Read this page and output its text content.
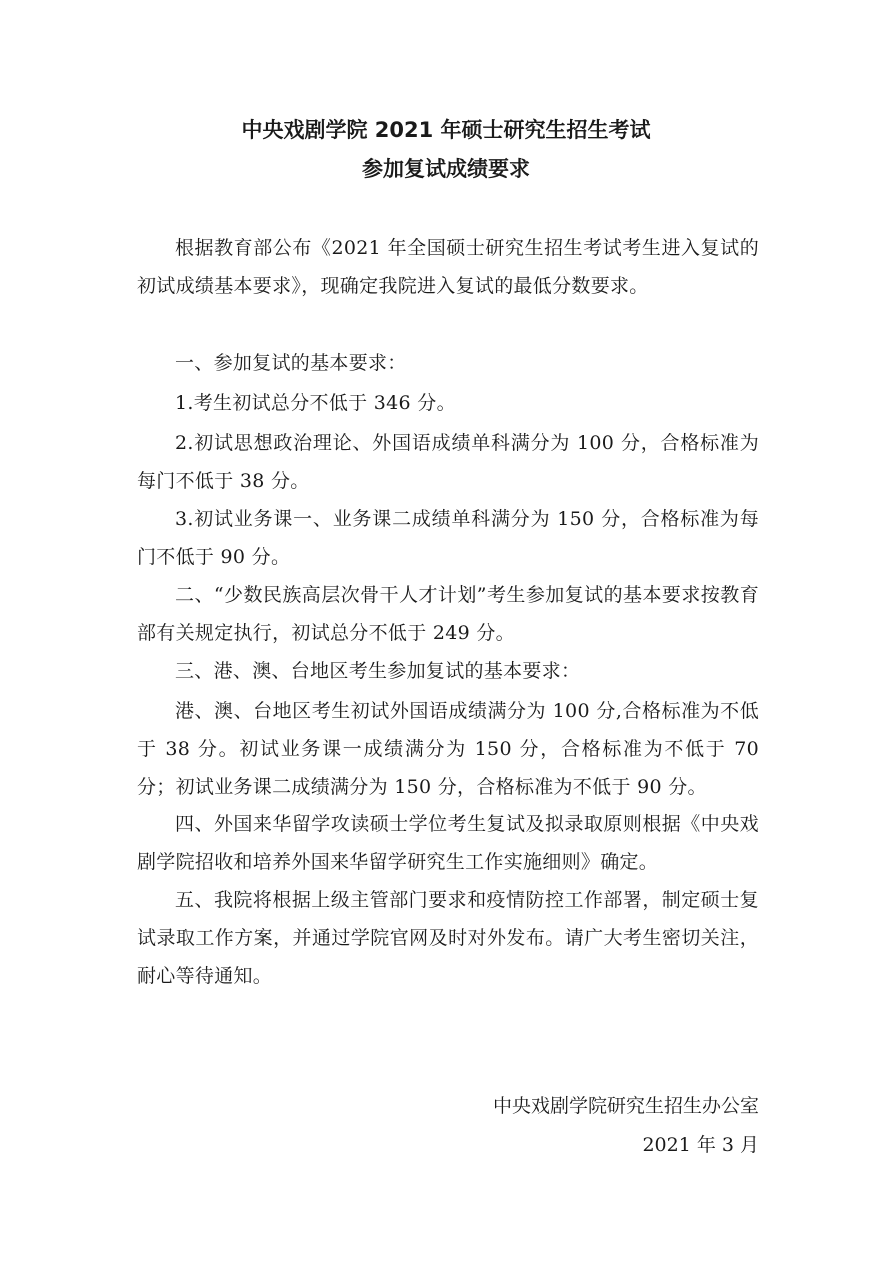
中央戏剧学院 2021 年硕士研究生招生考试
参加复试成绩要求

根据教育部公布《2021 年全国硕士研究生招生考试考生进入复试的初试成绩基本要求》，现确定我院进入复试的最低分数要求。

一、参加复试的基本要求：

1.考生初试总分不低于 346 分。

2.初试思想政治理论、外国语成绩单科满分为 100 分，合格标准为每门不低于 38 分。

3.初试业务课一、业务课二成绩单科满分为 150 分，合格标准为每门不低于 90 分。

二、“少数民族高层次骨干人才计划”考生参加复试的基本要求按教育部有关规定执行，初试总分不低于 249 分。

三、港、澳、台地区考生参加复试的基本要求：

港、澳、台地区考生初试外国语成绩满分为 100 分,合格标准为不低于 38 分。初试业务课一成绩满分为 150 分，合格标准为不低于 70 分；初试业务课二成绩满分为 150 分，合格标准为不低于 90 分。

四、外国来华留学攻读硕士学位考生复试及拟录取原则根据《中央戏剧学院招收和培养外国来华留学研究生工作实施细则》确定。

五、我院将根据上级主管部门要求和疫情防控工作部署，制定硕士复试录取工作方案，并通过学院官网及时对外发布。请广大考生密切关注，耐心等待通知。

中央戏剧学院研究生招生办公室

2021 年 3 月
